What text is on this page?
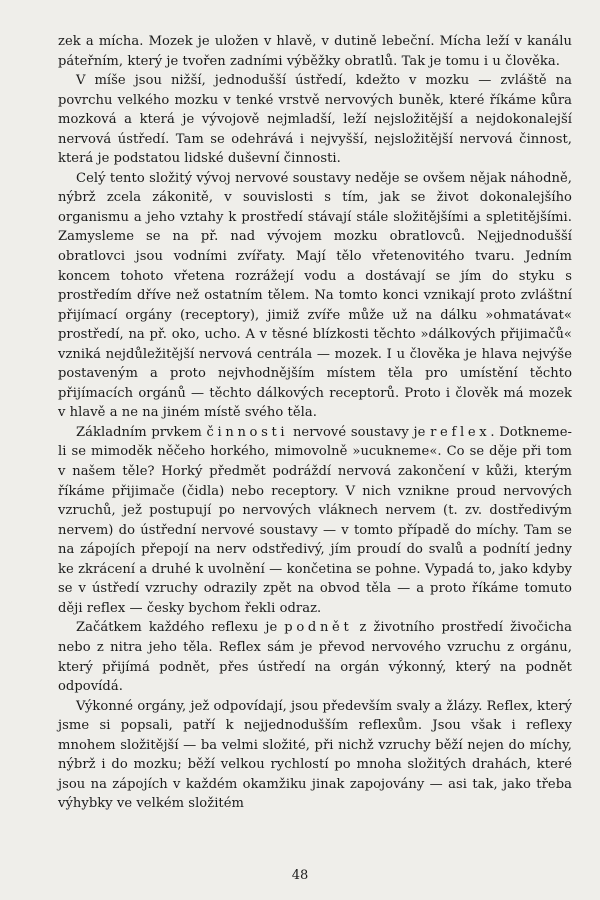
zek a mícha. Mozek je uložen v hlavě, v dutině lebeční. Mícha leží v kanálu páteřním, který je tvořen zadními výběžky obratlů. Tak je tomu i u člověka.

V míše jsou nižší, jednodušší ústředí, kdežto v mozku — zvláště na povrchu velkého mozku v tenké vrstvě nervových buněk, které říkáme kůra mozková a která je vývojově nejmladší, leží nejsložitější a nejdokonalejší nervová ústředí. Tam se odehrává i nejvyšší, nejsložitější nervová činnost, která je podstatou lidské duševní činnosti.

Celý tento složitý vývoj nervové soustavy neděje se ovšem nějak náhodně, nýbrž zcela zákonitě, v souvislosti s tím, jak se život dokonalejšího organismu a jeho vztahy k prostředí stávají stále složitějšími a spletitějšími. Zamysleme se na př. nad vývojem mozku obratlovců. Nejjednodušší obratlovci jsou vodními zvířaty. Mají tělo vřetenovitého tvaru. Jedním koncem tohoto vřetena rozrážejí vodu a dostávají se jím do styku s prostředím dříve než ostatním tělem. Na tomto konci vznikají proto zvláštní přijímací orgány (receptory), jimiž zvíře může už na dálku »ohmatávat« prostředí, na př. oko, ucho. A v těsné blízkosti těchto »dálkových přijimačů« vzniká nejdůležitější nervová centrála — mozek. I u člověka je hlava nejvýše postaveným a proto nejvhodnějším místem těla pro umístění těchto přijímacích orgánů — těchto dálkových receptorů. Proto i člověk má mozek v hlavě a ne na jiném místě svého těla.

Základním prvkem činnosti nervové soustavy je reflex. Dotkneme-li se mimoděk něčeho horkého, mimovolně »ucukneme«. Co se děje při tom v našem těle? Horký předmět podráždí nervová zakončení v kůži, kterým říkáme přijimače (čidla) nebo receptory. V nich vznikne proud nervových vzruchů, jež postupují po nervových vláknech nervem (t. zv. dostředivým nervem) do ústřední nervové soustavy — v tomto případě do míchy. Tam se na zápojích přepojí na nerv odstředivý, jím proudí do svalů a podnítí jedny ke zkrácení a druhé k uvolnění — končetina se pohne. Vypadá to, jako kdyby se v ústředí vzruchy odrazily zpět na obvod těla — a proto říkáme tomuto ději reflex — česky bychom řekli odraz.

Začátkem každého reflexu je podnět z životního prostředí živočicha nebo z nitra jeho těla. Reflex sám je převod nervového vzruchu z orgánu, který přijímá podnět, přes ústředí na orgán výkonný, který na podnět odpovídá.

Výkonné orgány, jež odpovídají, jsou především svaly a žlázy. Reflex, který jsme si popsali, patří k nejjednodušším reflexům. Jsou však i reflexy mnohem složitější — ba velmi složité, při nichž vzruchy běží nejen do míchy, nýbrž i do mozku; běží velkou rychlostí po mnoha složitých drahách, které jsou na zápojích v každém okamžiku jinak zapojovány — asi tak, jako třeba výhybky ve velkém složitém

48
